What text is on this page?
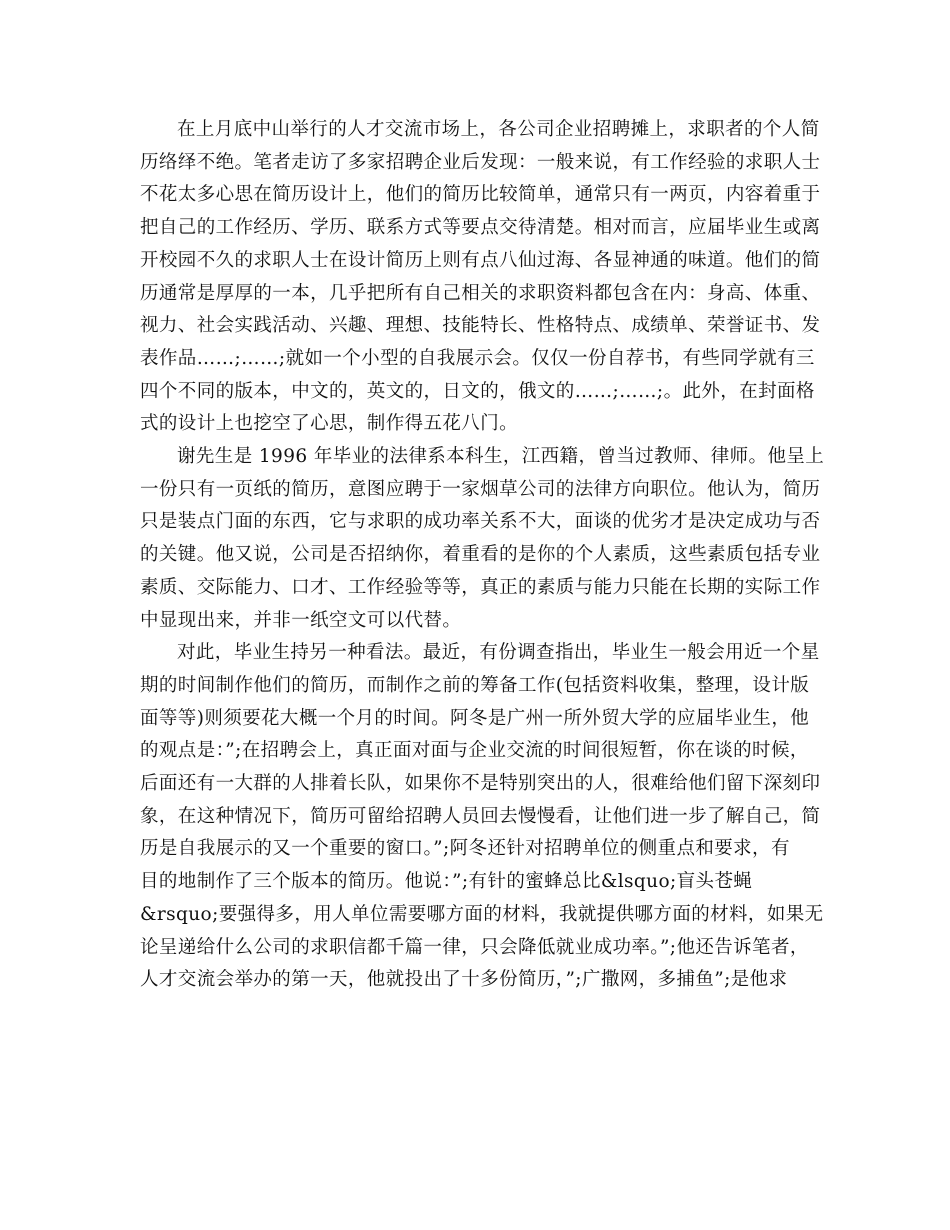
在上月底中山举行的人才交流市场上，各公司企业招聘摊上，求职者的个人简
历络绎不绝。笔者走访了多家招聘企业后发现：一般来说，有工作经验的求职人士
不花太多心思在简历设计上，他们的简历比较简单，通常只有一两页，内容着重于
把自己的工作经历、学历、联系方式等要点交待清楚。相对而言，应届毕业生或离
开校园不久的求职人士在设计简历上则有点八仙过海、各显神通的味道。他们的简
历通常是厚厚的一本，几乎把所有自己相关的求职资料都包含在内：身高、体重、
视力、社会实践活动、兴趣、理想、技能特长、性格特点、成绩单、荣誉证书、发
表作品……;……;就如一个小型的自我展示会。仅仅一份自荐书，有些同学就有三
四个不同的版本，中文的，英文的，日文的，俄文的……;……;。此外，在封面格
式的设计上也挖空了心思，制作得五花八门。
谢先生是 1996 年毕业的法律系本科生，江西籍，曾当过教师、律师。他呈上
一份只有一页纸的简历，意图应聘于一家烟草公司的法律方向职位。他认为，简历
只是装点门面的东西，它与求职的成功率关系不大，面谈的优劣才是决定成功与否
的关键。他又说，公司是否招纳你，着重看的是你的个人素质，这些素质包括专业
素质、交际能力、口才、工作经验等等，真正的素质与能力只能在长期的实际工作
中显现出来，并非一纸空文可以代替。
对此，毕业生持另一种看法。最近，有份调查指出，毕业生一般会用近一个星
期的时间制作他们的简历，而制作之前的筹备工作(包括资料收集，整理，设计版
面等等)则须要花大概一个月的时间。阿冬是广州一所外贸大学的应届毕业生，他
的观点是：”;在招聘会上，真正面对面与企业交流的时间很短暂，你在谈的时候，
后面还有一大群的人排着长队，如果你不是特别突出的人，很难给他们留下深刻印
象，在这种情况下，简历可留给招聘人员回去慢慢看，让他们进一步了解自己，简
历是自我展示的又一个重要的窗口。”;阿冬还针对招聘单位的侧重点和要求，有
目的地制作了三个版本的简历。他说：”;有针的蜜蜂总比&lsquo;盲头苍蝇
&rsquo;要强得多，用人单位需要哪方面的材料，我就提供哪方面的材料，如果无
论呈递给什么公司的求职信都千篇一律，只会降低就业成功率。”;他还告诉笔者，
人才交流会举办的第一天，他就投出了十多份简历，”;广撒网，多捕鱼”;是他求
